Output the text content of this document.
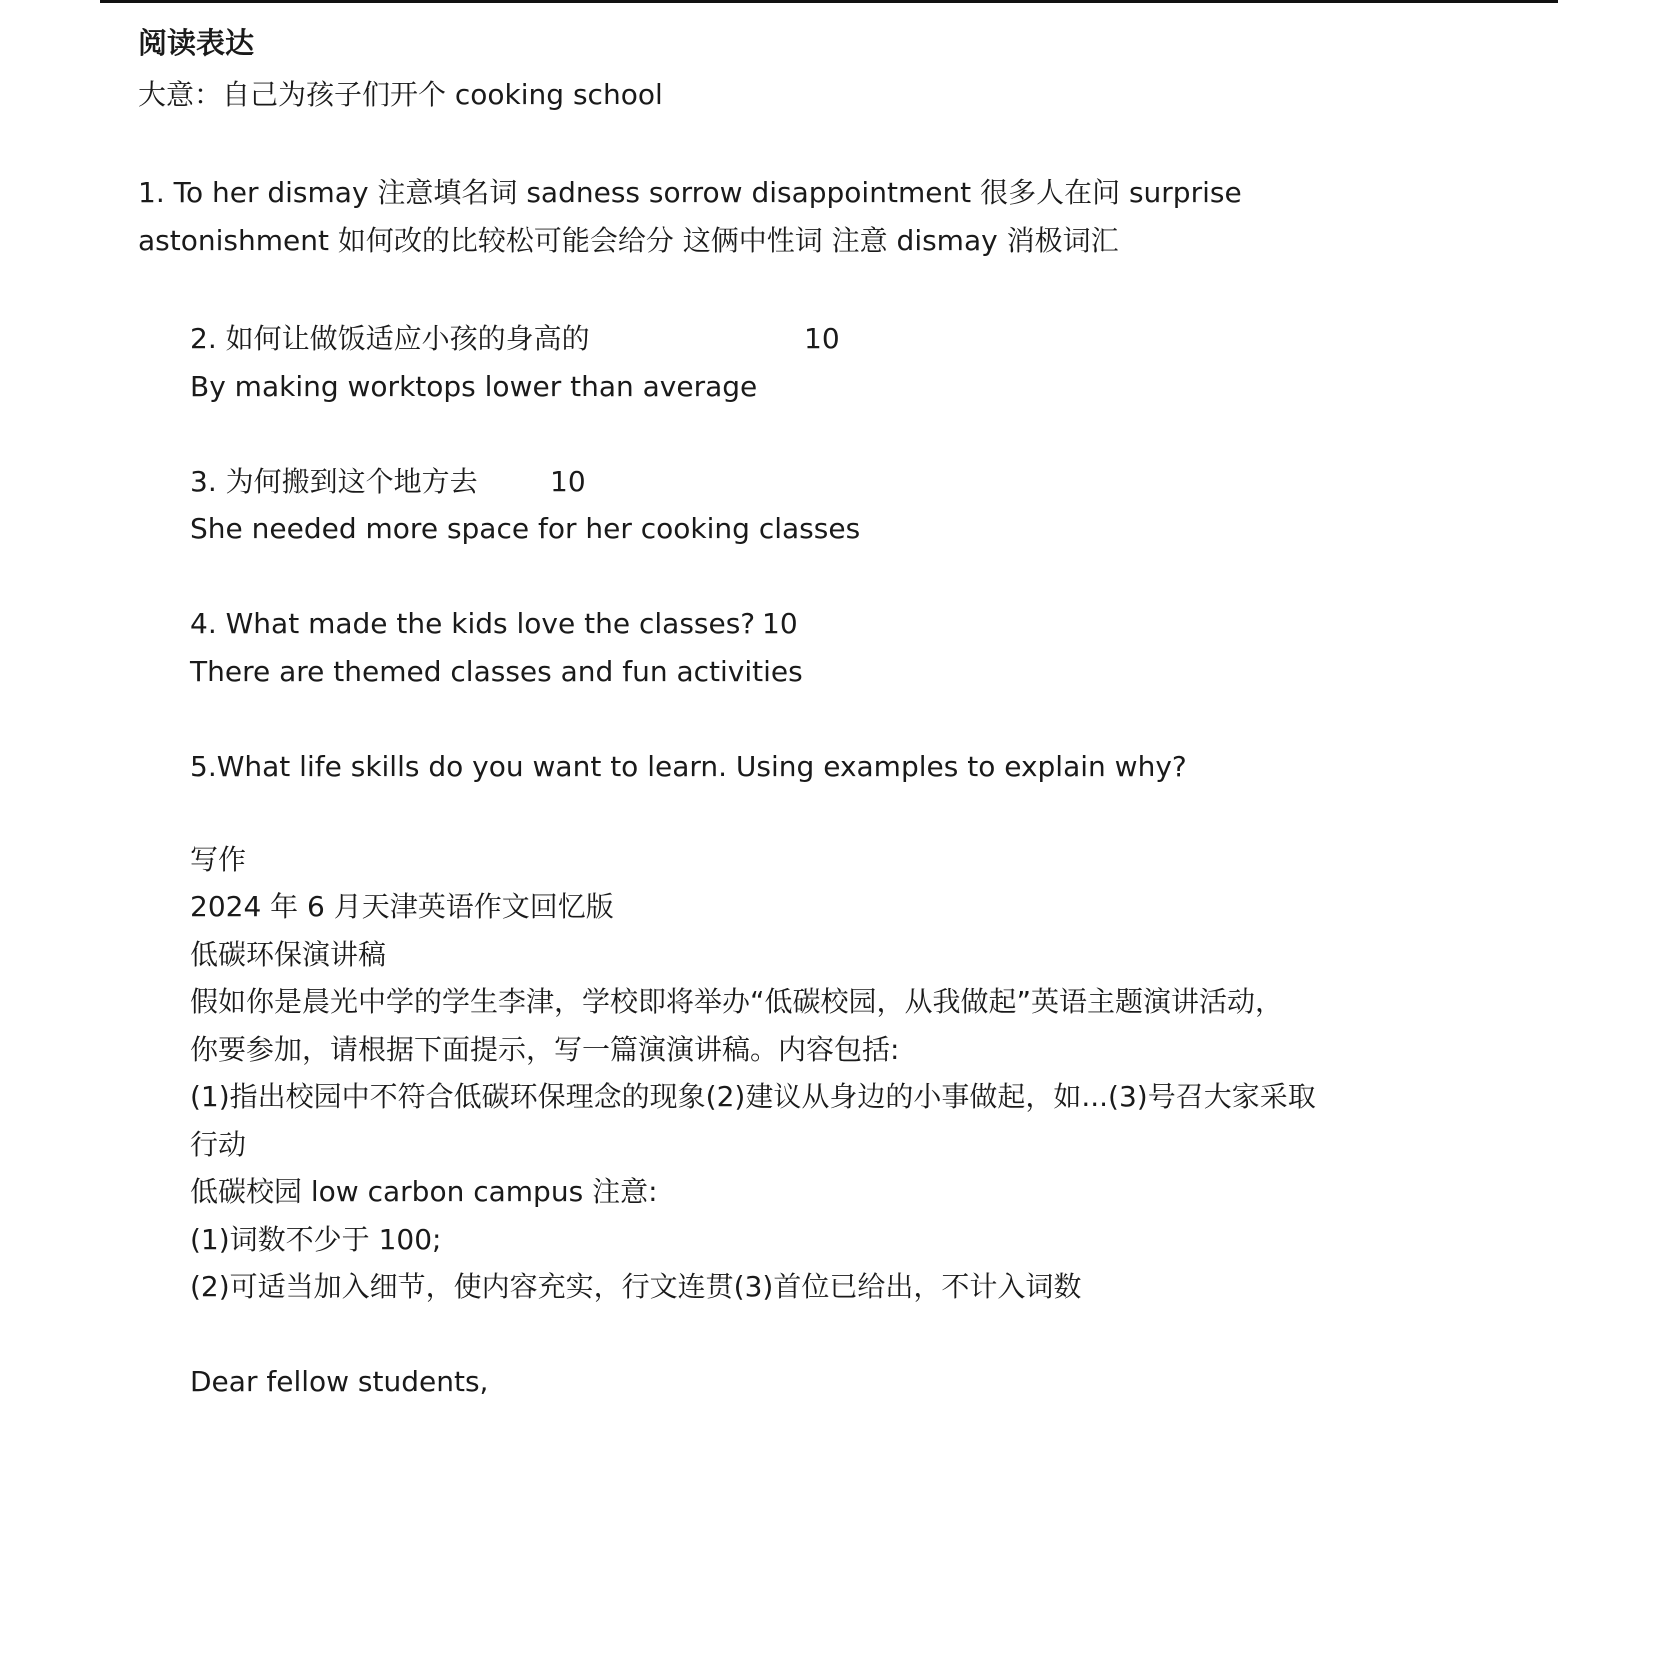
阅读表达
大意：自己为孩子们开个 cooking school
1. To her dismay 注意填名词 sadness sorrow disappointment 很多人在问 surprise
astonishment 如何改的比较松可能会给分 这俩中性词 注意 dismay 消极词汇
2. 如何让做饭适应小孩的身高的	10
By making worktops lower than average
3. 为何搬到这个地方去	10
She needed more space for her cooking classes
4. What made the kids love the classes? 10
There are themed classes and fun activities
5.What life skills do you want to learn. Using examples to explain why?
写作
2024 年 6 月天津英语作文回忆版
低碳环保演讲稿
假如你是晨光中学的学生李津，学校即将举办“低碳校园，从我做起”英语主题演讲活动，
你要参加，请根据下面提示，写一篇演演讲稿。内容包括:
(1)指出校园中不符合低碳环保理念的现象(2)建议从身边的小事做起，如...(3)号召大家采取
行动
低碳校园 low carbon campus 注意:
(1)词数不少于 100;
(2)可适当加入细节，使内容充实，行文连贯(3)首位已给出，不计入词数
Dear fellow students,
